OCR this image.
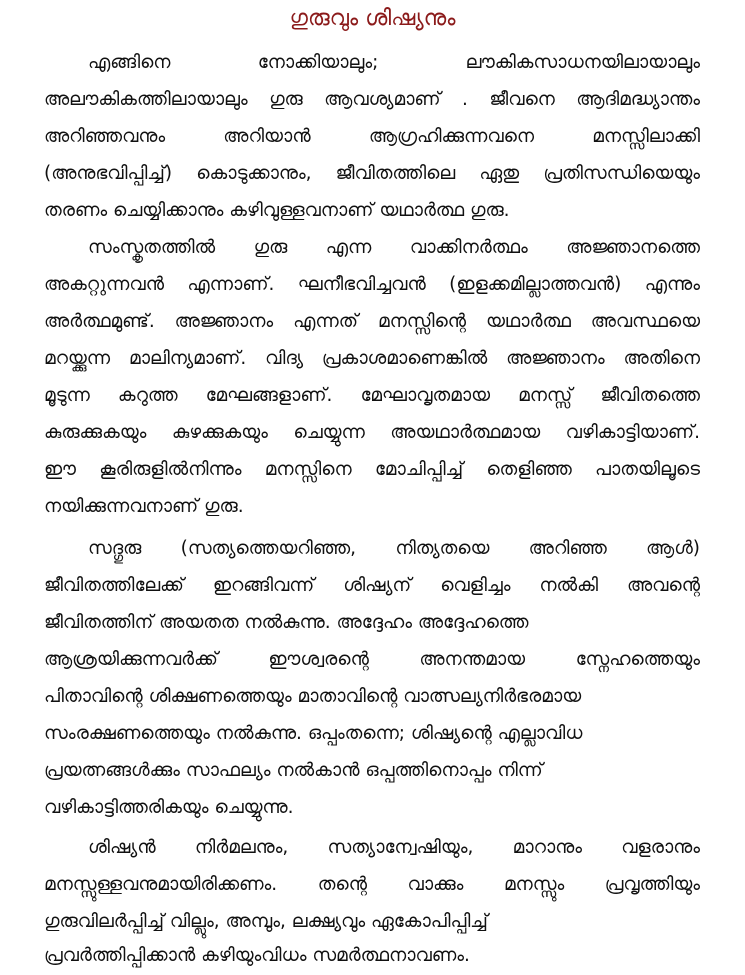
ഗുരുവും ശിഷ്യനും
എങ്ങിനെ നോക്കിയാലും; ലൗകികസാധനയിലായാലും
അലൗകികത്തിലായാലും ഗുരു ആവശ്യമാണ് . ജീവനെ ആദിമദ്ധ്യാന്തം
അറിഞ്ഞവനും അറിയാൻ ആഗ്രഹിക്കുന്നവനെ മനസ്സിലാക്കി
(അനുഭവിപ്പിച്ച്) കൊടുക്കാനും, ജീവിതത്തിലെ ഏതു പ്രതിസന്ധിയെയും
തരണം ചെയ്യിക്കാനും കഴിവുള്ളവനാണ് യഥാർത്ഥ ഗുരു.
സംസ്കൃതത്തിൽ ഗുരു എന്ന വാക്കിനർത്ഥം അജ്ഞാനത്തെ
അകറ്റുന്നവൻ എന്നാണ്. ഘനീഭവിച്ചവൻ (ഇളക്കമില്ലാത്തവൻ) എന്നും
അർത്ഥമുണ്ട്. അജ്ഞാനം എന്നത് മനസ്സിന്റെ യഥാർത്ഥ അവസ്ഥയെ
മറയ്ക്കുന്ന മാലിന്യമാണ്. വിദ്യ പ്രകാശമാണെങ്കിൽ അജ്ഞാനം അതിനെ
മൂടുന്ന കറുത്ത മേഘങ്ങളാണ്. മേഘാവൃതമായ മനസ്സ് ജീവിതത്തെ
കുരുക്കുകയും കുഴക്കുകയും ചെയ്യുന്ന അയഥാർത്ഥമായ വഴികാട്ടിയാണ്.
ഈ കൂരിരുളിൽനിന്നും മനസ്സിനെ മോചിപ്പിച്ച് തെളിഞ്ഞ പാതയിലൂടെ
നയിക്കുന്നവനാണ് ഗുരു.
സദ്ഗുരു (സത്യത്തെയറിഞ്ഞ, നിത്യതയെ അറിഞ്ഞ ആൾ)
ജീവിതത്തിലേക്ക് ഇറങ്ങിവന്ന് ശിഷ്യന് വെളിച്ചം നൽകി അവന്റെ
ജീവിതത്തിന് അയതത നൽകുന്നു. അദ്ദേഹം അദ്ദേഹത്തെ
ആശ്രയിക്കുന്നവർക്ക് ഈശ്വരന്റെ അനന്തമായ സ്നേഹത്തെയും
പിതാവിന്റെ ശിക്ഷണത്തെയും മാതാവിന്റെ വാത്സല്യനിർഭരമായ
സംരക്ഷണത്തെയും നൽകുന്നു. ഒപ്പംതന്നെ; ശിഷ്യന്റെ എല്ലാവിധ
പ്രയത്നങ്ങൾക്കും സാഫല്യം നൽകാൻ ഒപ്പത്തിനൊപ്പം നിന്ന്
വഴികാട്ടിത്തരികയും ചെയ്യുന്നു.
ശിഷ്യൻ നിർമലനും, സത്യാന്വേഷിയും, മാറാനും വളരാനും
മനസ്സുള്ളവനുമായിരിക്കണം. തന്റെ വാക്കും മനസ്സും പ്രവൃത്തിയും
ഗുരുവിലർപ്പിച്ച് വില്ലും, അമ്പും, ലക്ഷ്യവും ഏകോപിപ്പിച്ച്
പ്രവർത്തിപ്പിക്കാൻ കഴിയുംവിധം സമർത്ഥനാവണം.
